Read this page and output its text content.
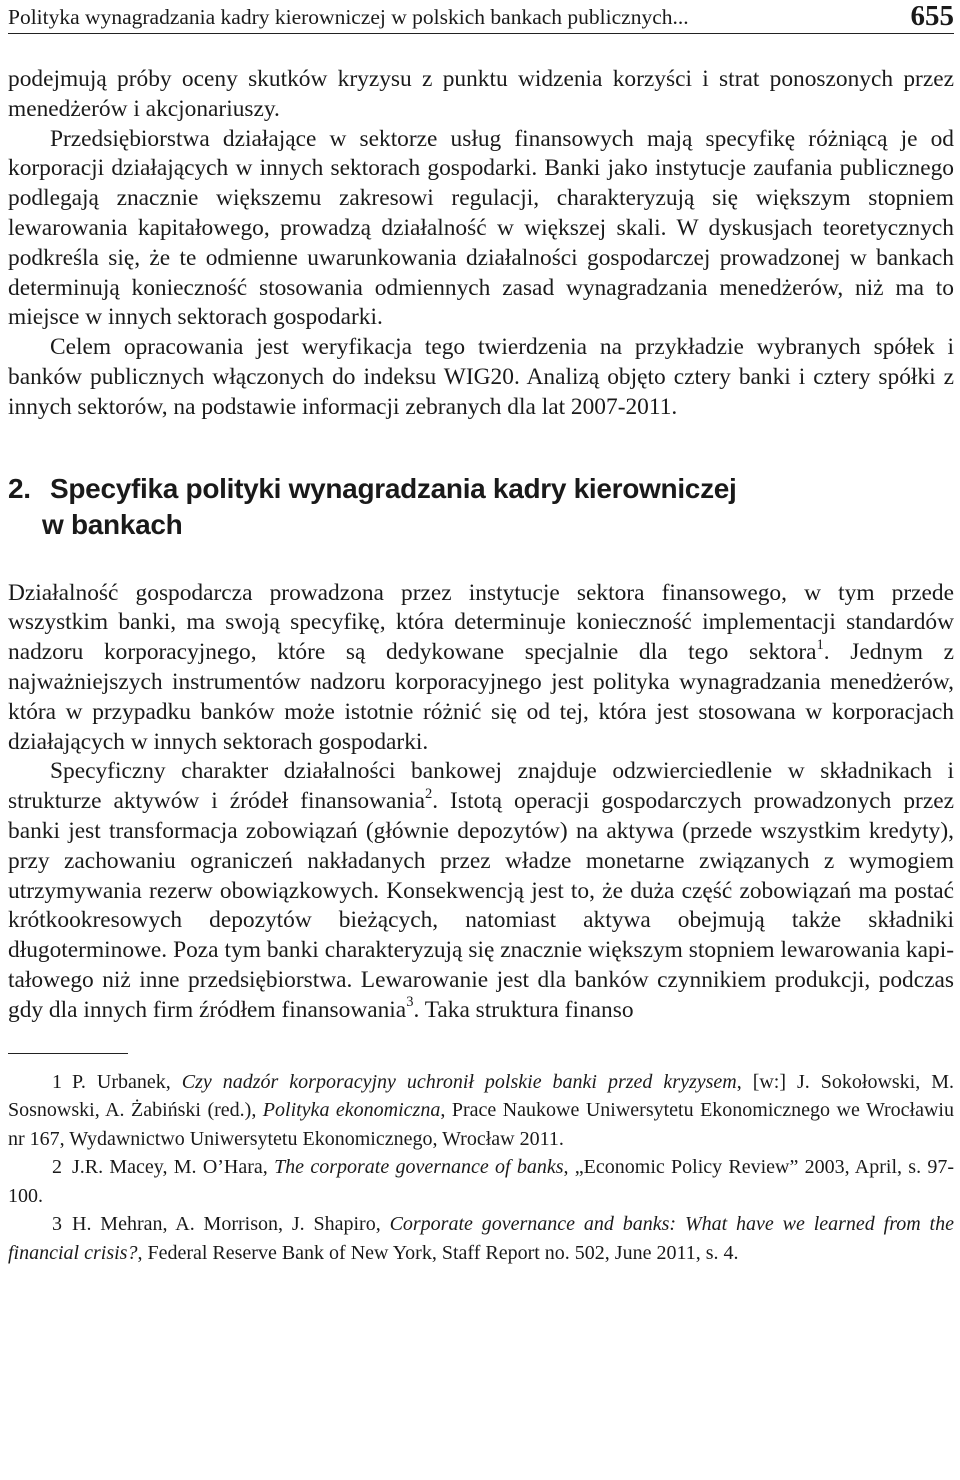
Polityka wynagradzania kadry kierowniczej w polskich bankach publicznych...	655

podejmują próby oceny skutków kryzysu z punktu widzenia korzyści i strat ponoszonych przez menedżerów i akcjonariuszy.

Przedsiębiorstwa działające w sektorze usług finansowych mają specyfikę różniącą je od korporacji działających w innych sektorach gospodarki. Banki jako instytucje zaufania publicznego podlegają znacznie większemu zakresowi regulacji, charakteryzują się większym stopniem lewarowania kapitałowego, prowadzą działalność w większej skali. W dyskusjach teoretycznych podkreśla się, że te odmienne uwarunkowania działalności gospodarczej prowadzonej w bankach determinują konieczność stosowania odmiennych zasad wynagradzania menedżerów, niż ma to miejsce w innych sektorach gospodarki.

Celem opracowania jest weryfikacja tego twierdzenia na przykładzie wybranych spółek i banków publicznych włączonych do indeksu WIG20. Analizą objęto cztery banki i cztery spółki z innych sektorów, na podstawie informacji zebranych dla lat 2007-2011.

2. Specyfika polityki wynagradzania kadry kierowniczej
w bankach

Działalność gospodarcza prowadzona przez instytucje sektora finansowego, w tym przede wszystkim banki, ma swoją specyfikę, która determinuje konieczność implementacji standardów nadzoru korporacyjnego, które są dedykowane specjalnie dla tego sektora$^1$. Jednym z najważniejszych instrumentów nadzoru korporacyjnego jest polityka wynagradzania menedżerów, która w przypadku banków może istotnie różnić się od tej, która jest stosowana w korporacjach działających w innych sektorach gospodarki.

Specyficzny charakter działalności bankowej znajduje odzwierciedlenie w składnikach i strukturze aktywów i źródeł finansowania$^2$. Istotą operacji gospodarczych prowadzonych przez banki jest transformacja zobowiązań (głównie depozytów) na aktywa (przede wszystkim kredyty), przy zachowaniu ograniczeń nakładanych przez władze monetarne związanych z wymogiem utrzymywania rezerw obowiązkowych. Konsekwencją jest to, że duża część zobowiązań ma postać krótkookresowych depozytów bieżących, natomiast aktywa obejmują także składniki długoterminowe. Poza tym banki charakteryzują się znacznie większym stopniem lewarowania kapitałowego niż inne przedsiębiorstwa. Lewarowanie jest dla banków czynnikiem produkcji, podczas gdy dla innych firm źródłem finansowania$^3$. Taka struktura finanso

1 P. Urbanek, Czy nadzór korporacyjny uchronił polskie banki przed kryzysem, [w:] J. Sokołowski, M. Sosnowski, A. Żabiński (red.), Polityka ekonomiczna, Prace Naukowe Uniwersytetu Ekonomicznego we Wrocławiu nr 167, Wydawnictwo Uniwersytetu Ekonomicznego, Wrocław 2011.

2 J.R. Macey, M. O’Hara, The corporate governance of banks, „Economic Policy Review” 2003, April, s. 97-100.

3 H. Mehran, A. Morrison, J. Shapiro, Corporate governance and banks: What have we learned from the financial crisis?, Federal Reserve Bank of New York, Staff Report no. 502, June 2011, s. 4.
